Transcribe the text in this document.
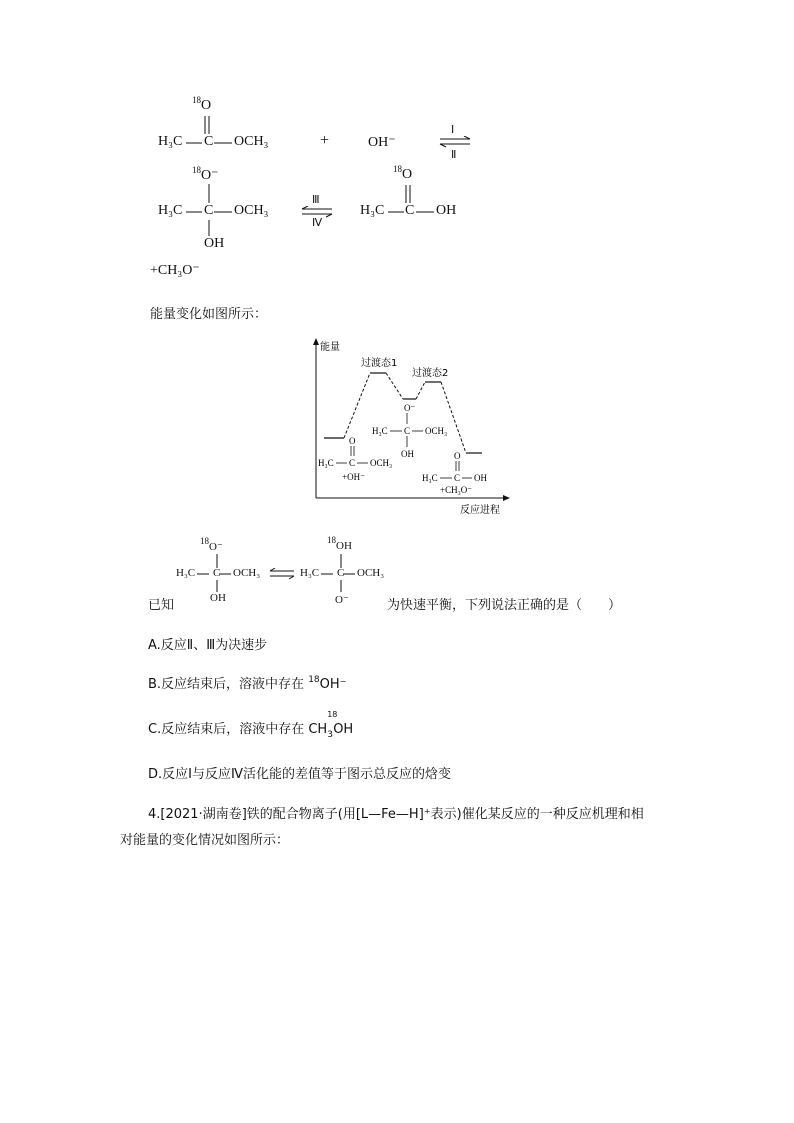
$^{18}$O
H₃C C OCH₃	+	OH⁻
Ⅰ
Ⅱ
$^{18}$O⁻
H₃C C OCH₃
OH
Ⅲ
Ⅳ
$^{18}$O
H₃C C OH
+CH₃O⁻
能量变化如图所示：
能量
反应进程
过渡态1
过渡态2
O
H₃C C OCH₃
+OH⁻
O⁻
H₃C C OCH₃
OH	O
H₃C C OH
+CH₃O⁻
$^{18}$O⁻
H₃C C OCH₃
OH
$^{18}$OH
H₃C C OCH₃
O⁻
已知	为快速平衡，下列说法正确的是（　　）
A.反应Ⅱ、Ⅲ为决速步
B.反应结束后，溶液中存在 $^{18}$OH⁻
C.反应结束后，溶液中存在 CH
18
$_3$OH
D.反应Ⅰ与反应Ⅳ活化能的差值等于图示总反应的焓变
4.[2021·湖南卷]铁的配合物离子(用[L—Fe—H]⁺表示)催化某反应的一种反应机理和相
对能量的变化情况如图所示：
